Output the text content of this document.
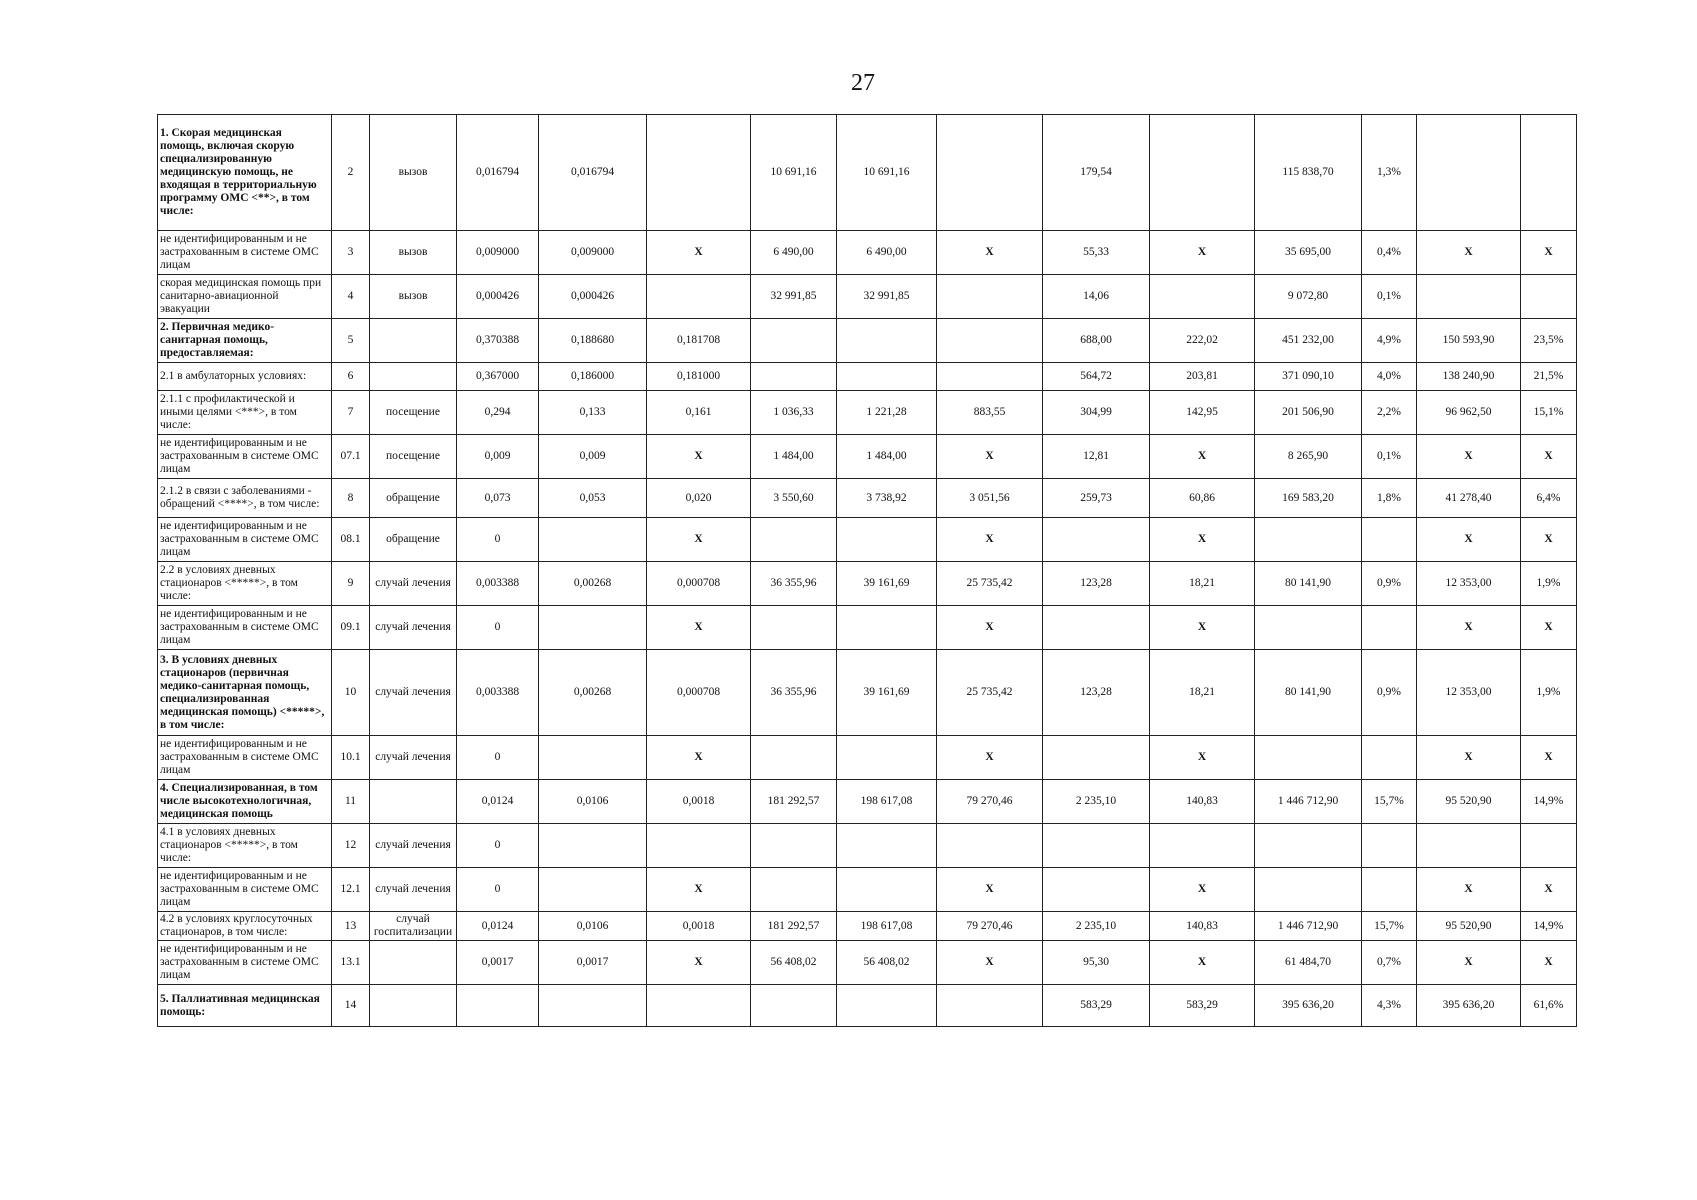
27
1. Скорая медицинская помощь, включая скорую специализированную медицинскую помощь, не входящая в территориальную программу ОМС <**>, в том числе:	2	вызов	0,016794	0,016794		10 691,16	10 691,16		179,54		115 838,70	1,3%		
не идентифицированным и не застрахованным в системе ОМС лицам	3	вызов	0,009000	0,009000	X	6 490,00	6 490,00	X	55,33	X	35 695,00	0,4%	X	X
скорая медицинская помощь при санитарно-авиационной эвакуации	4	вызов	0,000426	0,000426		32 991,85	32 991,85		14,06		9 072,80	0,1%		
2. Первичная медико-санитарная помощь, предоставляемая:	5		0,370388	0,188680	0,181708				688,00	222,02	451 232,00	4,9%	150 593,90	23,5%
2.1 в амбулаторных условиях:	6		0,367000	0,186000	0,181000				564,72	203,81	371 090,10	4,0%	138 240,90	21,5%
2.1.1 с профилактической и иными целями <***>, в том числе:	7	посещение	0,294	0,133	0,161	1 036,33	1 221,28	883,55	304,99	142,95	201 506,90	2,2%	96 962,50	15,1%
не идентифицированным и не застрахованным в системе ОМС лицам	07.1	посещение	0,009	0,009	X	1 484,00	1 484,00	X	12,81	X	8 265,90	0,1%	X	X
2.1.2 в связи с заболеваниями - обращений <****>, в том числе:	8	обращение	0,073	0,053	0,020	3 550,60	3 738,92	3 051,56	259,73	60,86	169 583,20	1,8%	41 278,40	6,4%
не идентифицированным и не застрахованным в системе ОМС лицам	08.1	обращение	0		X			X		X			X	X
2.2 в условиях дневных стационаров <*****>, в том числе:	9	случай лечения	0,003388	0,00268	0,000708	36 355,96	39 161,69	25 735,42	123,28	18,21	80 141,90	0,9%	12 353,00	1,9%
не идентифицированным и не застрахованным в системе ОМС лицам	09.1	случай лечения	0		X			X		X			X	X
3. В условиях дневных стационаров (первичная медико-санитарная помощь, специализированная медицинская помощь) <*****>, в том числе:	10	случай лечения	0,003388	0,00268	0,000708	36 355,96	39 161,69	25 735,42	123,28	18,21	80 141,90	0,9%	12 353,00	1,9%
не идентифицированным и не застрахованным в системе ОМС лицам	10.1	случай лечения	0		X			X		X			X	X
4. Специализированная, в том числе высокотехнологичная, медицинская помощь	11		0,0124	0,0106	0,0018	181 292,57	198 617,08	79 270,46	2 235,10	140,83	1 446 712,90	15,7%	95 520,90	14,9%
4.1 в условиях дневных стационаров <*****>, в том числе:	12	случай лечения	0											
не идентифицированным и не застрахованным в системе ОМС лицам	12.1	случай лечения	0		X			X		X			X	X
4.2 в условиях круглосуточных стационаров, в том числе:	13	случай госпитализации	0,0124	0,0106	0,0018	181 292,57	198 617,08	79 270,46	2 235,10	140,83	1 446 712,90	15,7%	95 520,90	14,9%
не идентифицированным и не застрахованным в системе ОМС лицам	13.1		0,0017	0,0017	X	56 408,02	56 408,02	X	95,30	X	61 484,70	0,7%	X	X
5. Паллиативная медицинская помощь:	14								583,29	583,29	395 636,20	4,3%	395 636,20	61,6%
